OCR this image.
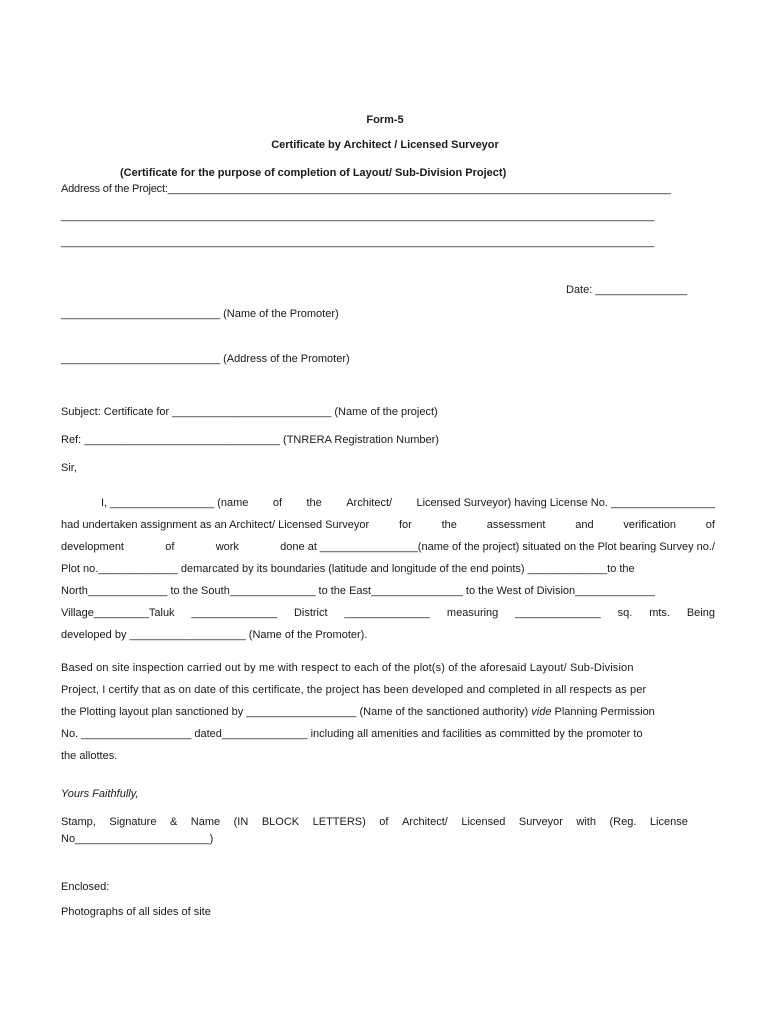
Form-5
Certificate by Architect / Licensed Surveyor
(Certificate for the purpose of completion of Layout/ Sub-Division Project)
Address of the Project:_____________________________________________________________________________________
_________________________________________________________________________________________________
_________________________________________________________________________________________________
Date: _______________
__________________________ (Name of the Promoter)
__________________________ (Address of the Promoter)
Subject: Certificate for __________________________ (Name of the project)
Ref: ________________________________ (TNRERA Registration Number)
Sir,
I, _________________ (name of the Architect/ Licensed Surveyor) having License No. _________________
had undertaken assignment as an Architect/ Licensed Surveyor	for	the	assessment	and	verification	of
development	of	work	done at ________________(name of the project) situated on the Plot bearing Survey no./
Plot no._____________ demarcated by its boundaries (latitude and longitude of the end points) _____________to the
North_____________ to the South______________ to the East_______________ to the West of Division_____________
Village_________Taluk ______________ District ______________ measuring ______________ sq. mts. Being
developed by ___________________ (Name of the Promoter).
Based on site inspection carried out by me with respect to each of the plot(s) of the aforesaid Layout/ Sub-Division
Project, I certify that as on date of this certificate, the project has been developed and completed in all respects as per
the Plotting layout plan sanctioned by __________________ (Name of the sanctioned authority) vide Planning Permission
No. __________________ dated______________ including all amenities and facilities as committed by the promoter to
the allottes.
Yours Faithfully,
Stamp, Signature & Name (IN BLOCK LETTERS) of Architect/ Licensed Surveyor with (Reg. License
No______________________)
Enclosed:
Photographs of all sides of site
